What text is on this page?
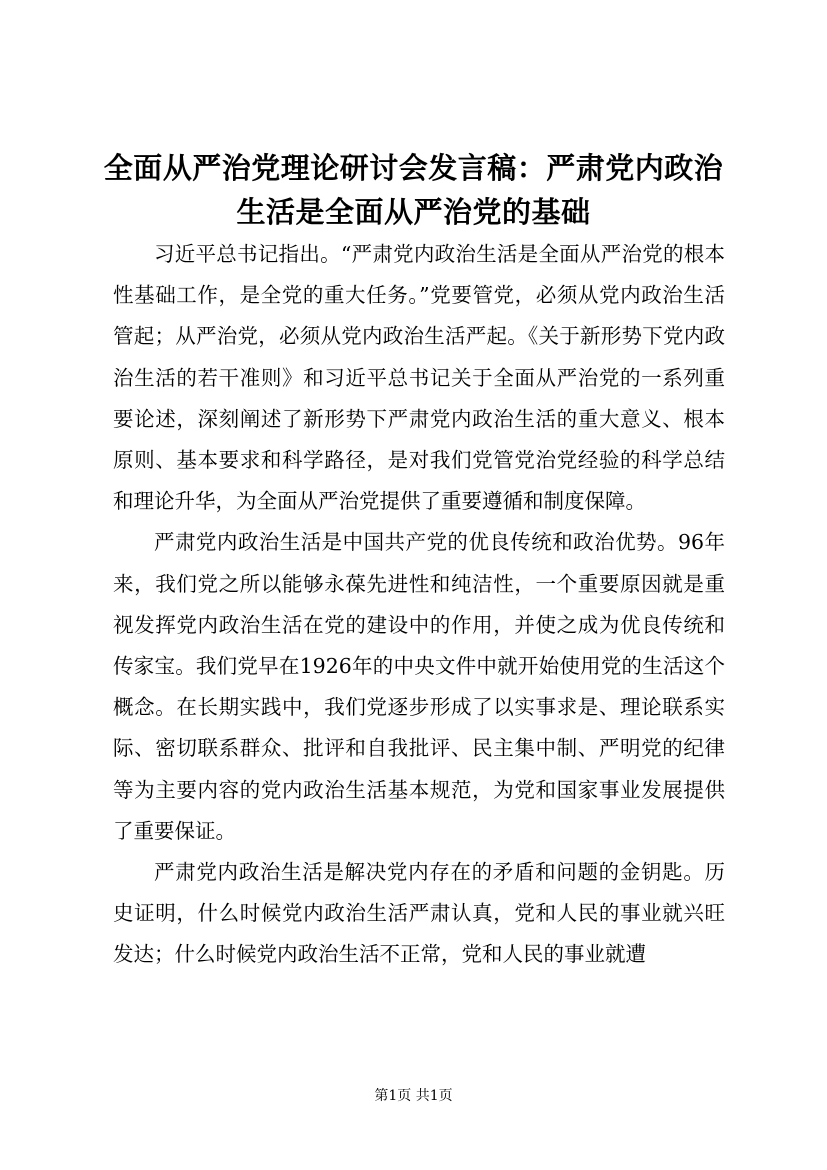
全面从严治党理论研讨会发言稿：严肃党内政治生活是全面从严治党的基础

习近平总书记指出。“严肃党内政治生活是全面从严治党的根本性基础工作，是全党的重大任务。”党要管党，必须从党内政治生活管起；从严治党，必须从党内政治生活严起。《关于新形势下党内政治生活的若干准则》和习近平总书记关于全面从严治党的一系列重要论述，深刻阐述了新形势下严肃党内政治生活的重大意义、根本原则、基本要求和科学路径，是对我们党管党治党经验的科学总结和理论升华，为全面从严治党提供了重要遵循和制度保障。

严肃党内政治生活是中国共产党的优良传统和政治优势。96年来，我们党之所以能够永葆先进性和纯洁性，一个重要原因就是重视发挥党内政治生活在党的建设中的作用，并使之成为优良传统和传家宝。我们党早在1926年的中央文件中就开始使用党的生活这个概念。在长期实践中，我们党逐步形成了以实事求是、理论联系实际、密切联系群众、批评和自我批评、民主集中制、严明党的纪律等为主要内容的党内政治生活基本规范，为党和国家事业发展提供了重要保证。

严肃党内政治生活是解决党内存在的矛盾和问题的金钥匙。历史证明，什么时候党内政治生活严肃认真，党和人民的事业就兴旺发达；什么时候党内政治生活不正常，党和人民的事业就遭

第1页 共1页
